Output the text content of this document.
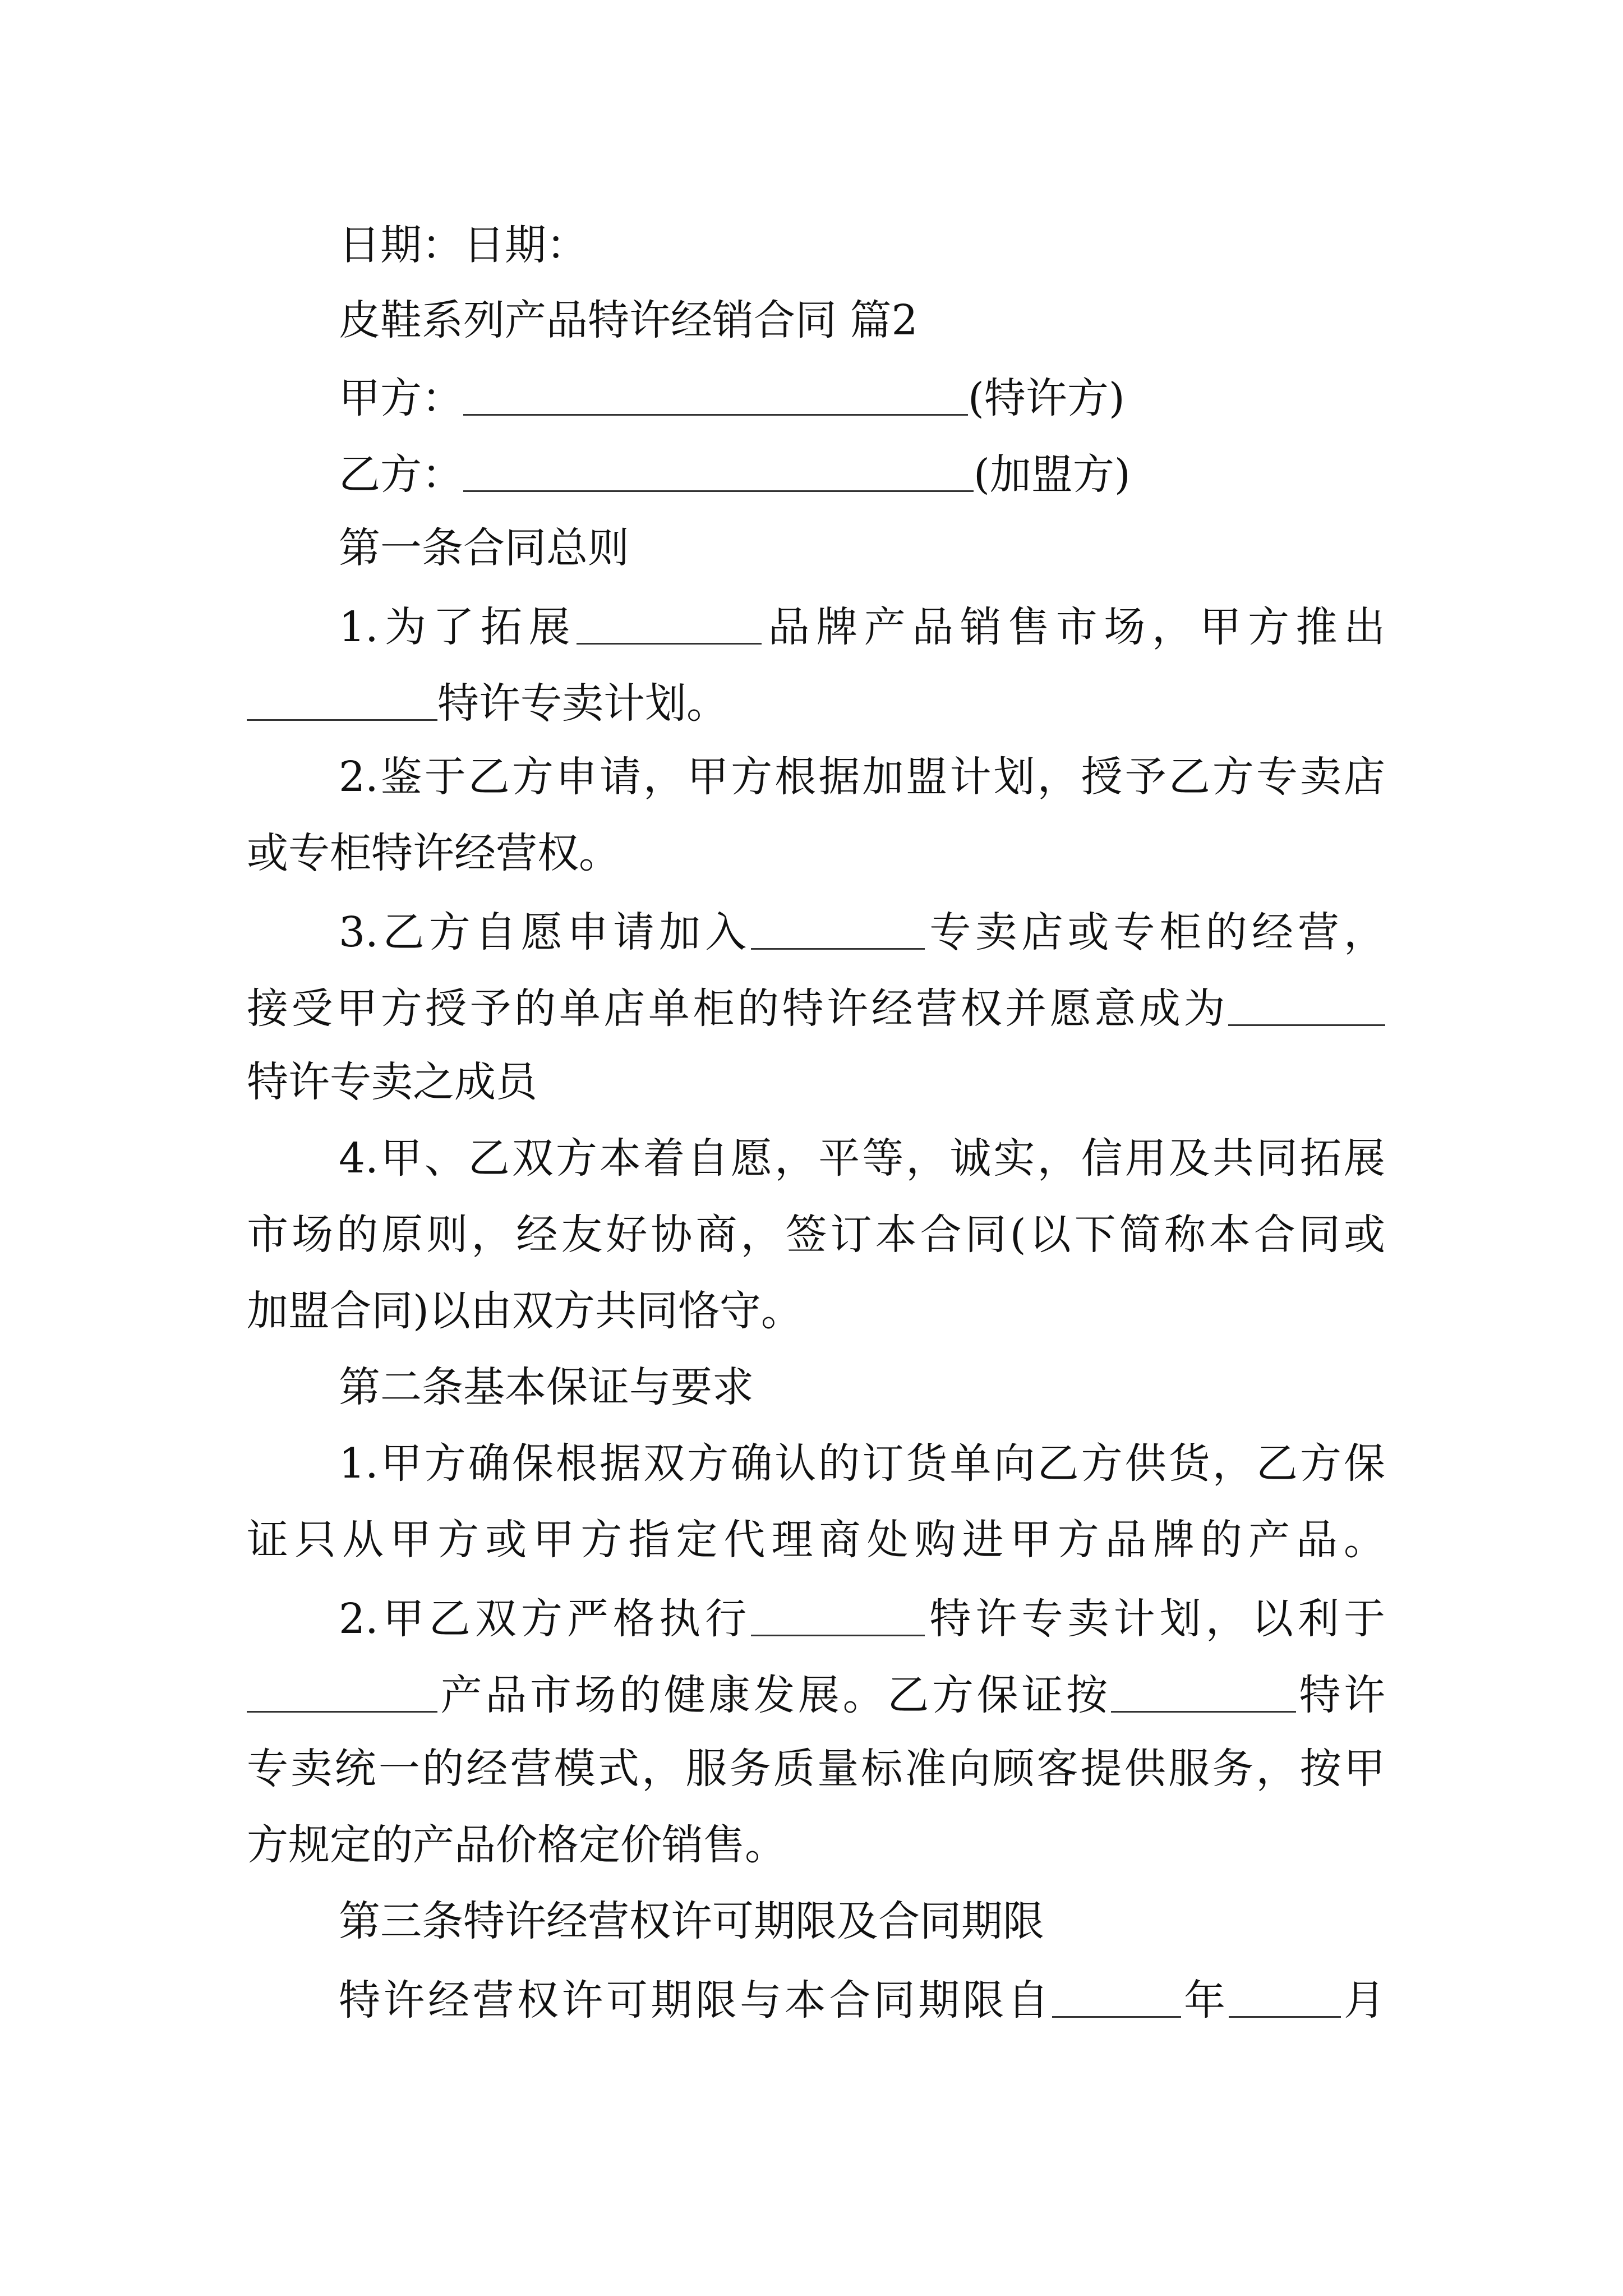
日期：日期：
皮鞋系列产品特许经销合同 篇2
甲方：	(特许方)
乙方：	(加盟方)
第一条合同总则
1.为了拓展	品牌产品销售市场，甲方推出
特许专卖计划。
2.鉴于乙方申请，甲方根据加盟计划，授予乙方专卖店
或专柜特许经营权。
3.乙方自愿申请加入	专卖店或专柜的经营，
接受甲方授予的单店单柜的特许经营权并愿意成为
特许专卖之成员
4.甲、乙双方本着自愿，平等，诚实，信用及共同拓展
市场的原则，经友好协商，签订本合同(以下简称本合同或
加盟合同)以由双方共同恪守。
第二条基本保证与要求
1.甲方确保根据双方确认的订货单向乙方供货，乙方保
证只从甲方或甲方指定代理商处购进甲方品牌的产品。
2.甲乙双方严格执行	特许专卖计划，以利于
产品市场的健康发展。乙方保证按	特许
专卖统一的经营模式，服务质量标准向顾客提供服务，按甲
方规定的产品价格定价销售。
第三条特许经营权许可期限及合同期限
特许经营权许可期限与本合同期限自	年	月
